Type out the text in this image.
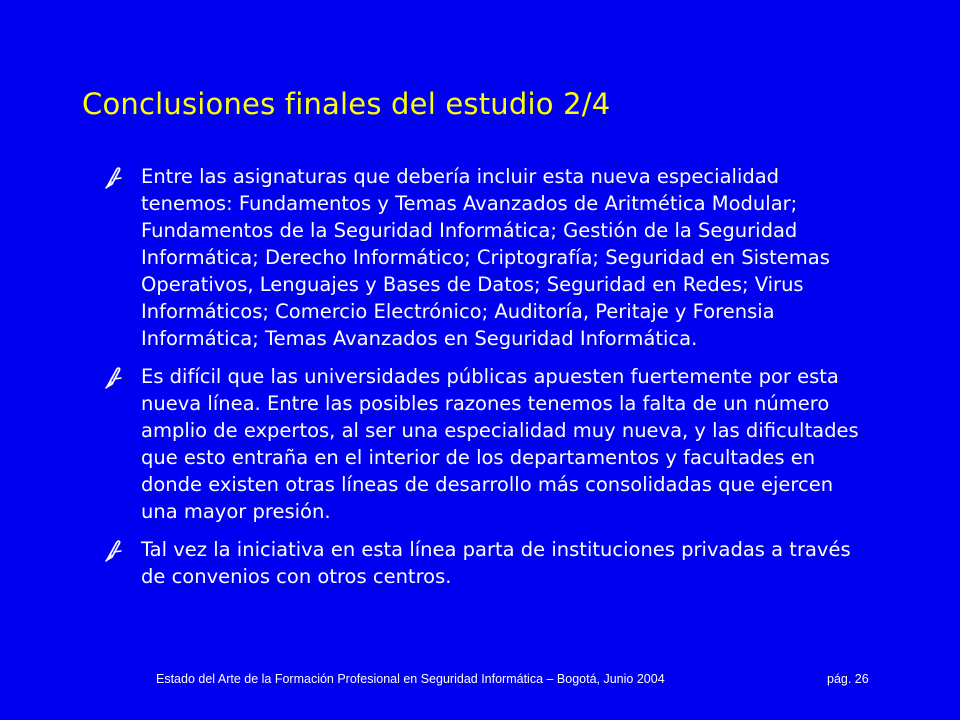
Conclusiones finales del estudio 2/4
Entre las asignaturas que debería incluir esta nueva especialidad tenemos: Fundamentos y Temas Avanzados de Aritmética Modular; Fundamentos de la Seguridad Informática; Gestión de la Seguridad Informática; Derecho Informático; Criptografía; Seguridad en Sistemas Operativos, Lenguajes y Bases de Datos; Seguridad en Redes; Virus Informáticos; Comercio Electrónico; Auditoría, Peritaje y Forensia Informática; Temas Avanzados en Seguridad Informática.
Es difícil que las universidades públicas apuesten fuertemente por esta nueva línea. Entre las posibles razones tenemos la falta de un número amplio de expertos, al ser una especialidad muy nueva, y las dificultades que esto entraña en el interior de los departamentos y facultades en donde existen otras líneas de desarrollo más consolidadas que ejercen una mayor presión.
Tal vez la iniciativa en esta línea parta de instituciones privadas a través de convenios con otros centros.
Estado del Arte de la Formación Profesional en Seguridad Informática – Bogotá, Junio 2004	pág. 26
